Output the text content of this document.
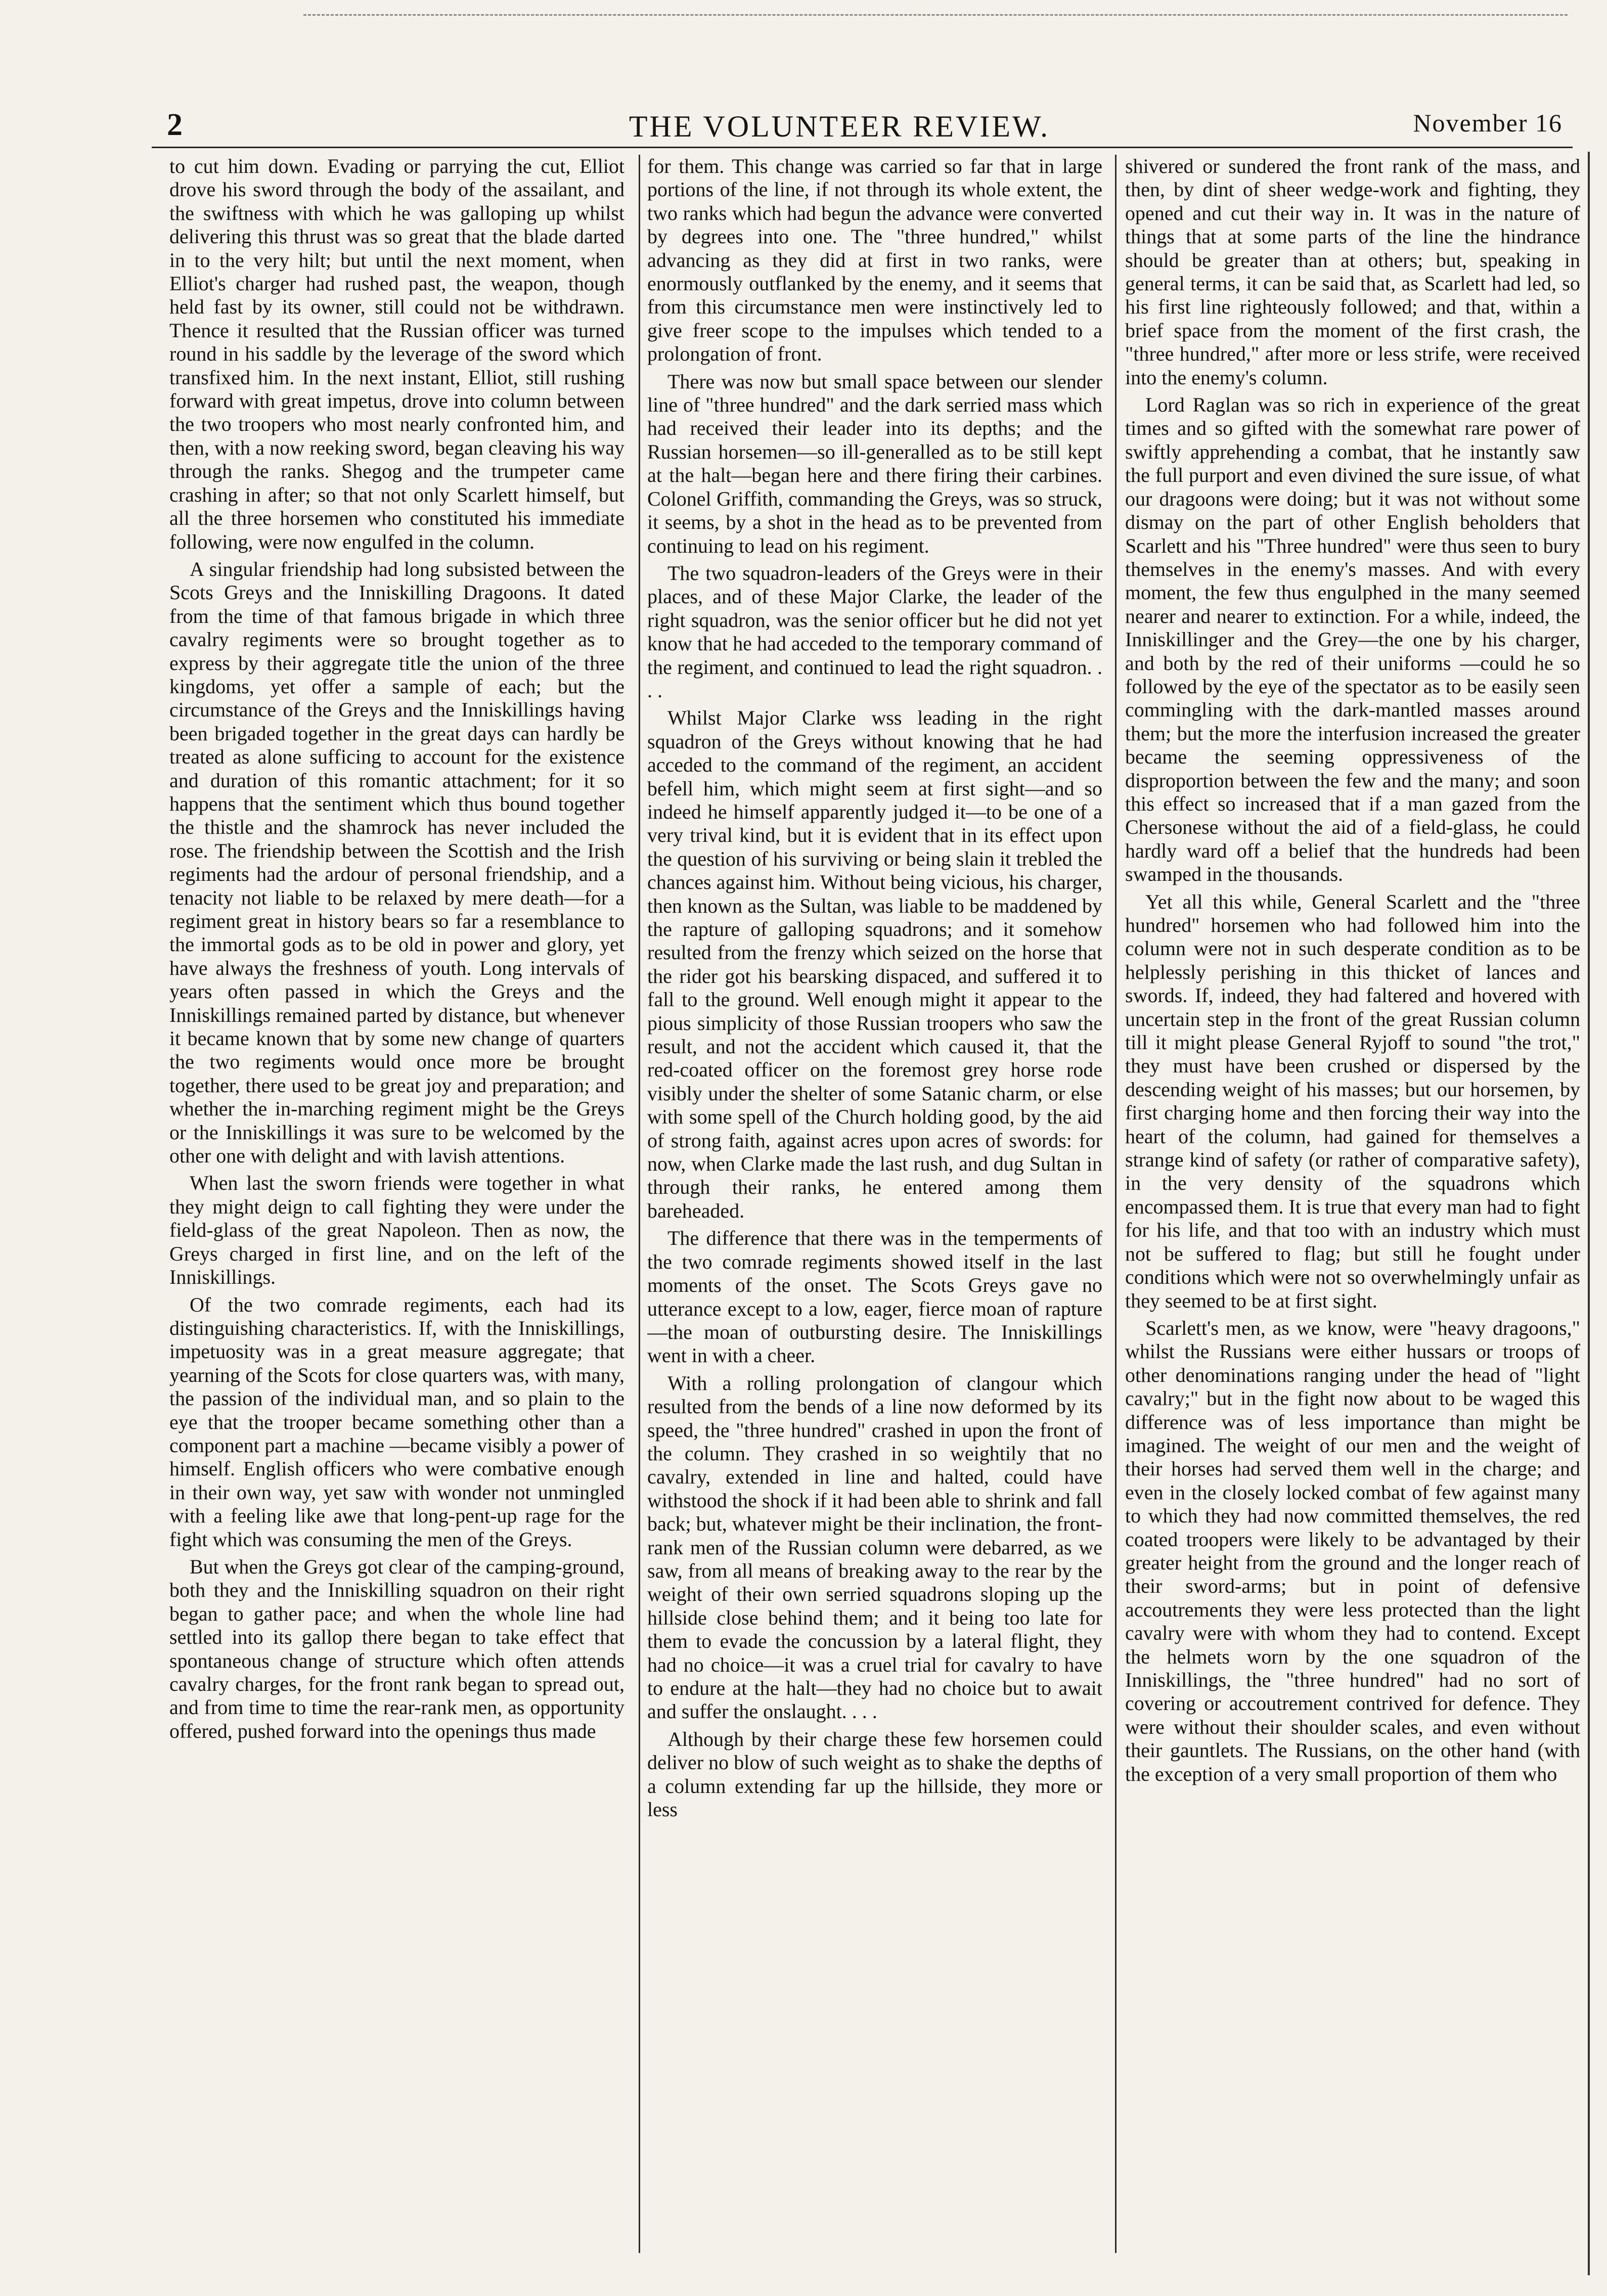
2	THE VOLUNTEER REVIEW.	November 16

to cut him down. Evading or parrying the cut, Elliot drove his sword through the body of the assailant, and the swiftness with which he was galloping up whilst delivering this thrust was so great that the blade darted in to the very hilt; but until the next moment, when Elliot's charger had rushed past, the weapon, though held fast by its owner, still could not be withdrawn. Thence it resulted that the Russian officer was turned round in his saddle by the leverage of the sword which transfixed him. In the next instant, Elliot, still rushing forward with great impetus, drove into column between the two troopers who most nearly confronted him, and then, with a now reeking sword, began cleaving his way through the ranks. Shegog and the trumpeter came crashing in after; so that not only Scarlett himself, but all the three horsemen who constituted his immediate following, were now engulfed in the column.

A singular friendship had long subsisted between the Scots Greys and the Inniskilling Dragoons. It dated from the time of that famous brigade in which three cavalry regiments were so brought together as to express by their aggregate title the union of the three kingdoms, yet offer a sample of each; but the circumstance of the Greys and the Inniskillings having been brigaded together in the great days can hardly be treated as alone sufficing to account for the existence and duration of this romantic attachment; for it so happens that the sentiment which thus bound together the thistle and the shamrock has never included the rose. The friendship between the Scottish and the Irish regiments had the ardour of personal friendship, and a tenacity not liable to be relaxed by mere death—for a regiment great in history bears so far a resemblance to the immortal gods as to be old in power and glory, yet have always the freshness of youth. Long intervals of years often passed in which the Greys and the Inniskillings remained parted by distance, but whenever it became known that by some new change of quarters the two regiments would once more be brought together, there used to be great joy and preparation; and whether the in-marching regiment might be the Greys or the Inniskillings it was sure to be welcomed by the other one with delight and with lavish attentions.

When last the sworn friends were together in what they might deign to call fighting they were under the field-glass of the great Napoleon. Then as now, the Greys charged in first line, and on the left of the Inniskillings.

Of the two comrade regiments, each had its distinguishing characteristics. If, with the Inniskillings, impetuosity was in a great measure aggregate; that yearning of the Scots for close quarters was, with many, the passion of the individual man, and so plain to the eye that the trooper became something other than a component part a machine —became visibly a power of himself. English officers who were combative enough in their own way, yet saw with wonder not unmingled with a feeling like awe that long-pent-up rage for the fight which was consuming the men of the Greys.

But when the Greys got clear of the camping-ground, both they and the Inniskilling squadron on their right began to gather pace; and when the whole line had settled into its gallop there began to take effect that spontaneous change of structure which often attends cavalry charges, for the front rank began to spread out, and from time to time the rear-rank men, as opportunity offered, pushed forward into the openings thus made

for them. This change was carried so far that in large portions of the line, if not through its whole extent, the two ranks which had begun the advance were converted by degrees into one. The "three hundred," whilst advancing as they did at first in two ranks, were enormously outflanked by the enemy, and it seems that from this circumstance men were instinctively led to give freer scope to the impulses which tended to a prolongation of front.

There was now but small space between our slender line of "three hundred" and the dark serried mass which had received their leader into its depths; and the Russian horsemen—so ill-generalled as to be still kept at the halt—began here and there firing their carbines. Colonel Griffith, commanding the Greys, was so struck, it seems, by a shot in the head as to be prevented from continuing to lead on his regiment.

The two squadron-leaders of the Greys were in their places, and of these Major Clarke, the leader of the right squadron, was the senior officer but he did not yet know that he had acceded to the temporary command of the regiment, and continued to lead the right squadron. . . .

Whilst Major Clarke wss leading in the right squadron of the Greys without knowing that he had acceded to the command of the regiment, an accident befell him, which might seem at first sight—and so indeed he himself apparently judged it—to be one of a very trival kind, but it is evident that in its effect upon the question of his surviving or being slain it trebled the chances against him. Without being vicious, his charger, then known as the Sultan, was liable to be maddened by the rapture of galloping squadrons; and it somehow resulted from the frenzy which seized on the horse that the rider got his bearsking dispaced, and suffered it to fall to the ground. Well enough might it appear to the pious simplicity of those Russian troopers who saw the result, and not the accident which caused it, that the red-coated officer on the foremost grey horse rode visibly under the shelter of some Satanic charm, or else with some spell of the Church holding good, by the aid of strong faith, against acres upon acres of swords: for now, when Clarke made the last rush, and dug Sultan in through their ranks, he entered among them bareheaded.

The difference that there was in the temperments of the two comrade regiments showed itself in the last moments of the onset. The Scots Greys gave no utterance except to a low, eager, fierce moan of rapture —the moan of outbursting desire. The Inniskillings went in with a cheer.

With a rolling prolongation of clangour which resulted from the bends of a line now deformed by its speed, the "three hundred" crashed in upon the front of the column. They crashed in so weightily that no cavalry, extended in line and halted, could have withstood the shock if it had been able to shrink and fall back; but, whatever might be their inclination, the front-rank men of the Russian column were debarred, as we saw, from all means of breaking away to the rear by the weight of their own serried squadrons sloping up the hillside close behind them; and it being too late for them to evade the concussion by a lateral flight, they had no choice—it was a cruel trial for cavalry to have to endure at the halt—they had no choice but to await and suffer the onslaught. . . .

Although by their charge these few horsemen could deliver no blow of such weight as to shake the depths of a column extending far up the hillside, they more or less

shivered or sundered the front rank of the mass, and then, by dint of sheer wedge-work and fighting, they opened and cut their way in. It was in the nature of things that at some parts of the line the hindrance should be greater than at others; but, speaking in general terms, it can be said that, as Scarlett had led, so his first line righteously followed; and that, within a brief space from the moment of the first crash, the "three hundred," after more or less strife, were received into the enemy's column.

Lord Raglan was so rich in experience of the great times and so gifted with the somewhat rare power of swiftly apprehending a combat, that he instantly saw the full purport and even divined the sure issue, of what our dragoons were doing; but it was not without some dismay on the part of other English beholders that Scarlett and his "Three hundred" were thus seen to bury themselves in the enemy's masses. And with every moment, the few thus engulphed in the many seemed nearer and nearer to extinction. For a while, indeed, the Inniskillinger and the Grey—the one by his charger, and both by the red of their uniforms —could he so followed by the eye of the spectator as to be easily seen commingling with the dark-mantled masses around them; but the more the interfusion increased the greater became the seeming oppressiveness of the disproportion between the few and the many; and soon this effect so increased that if a man gazed from the Chersonese without the aid of a field-glass, he could hardly ward off a belief that the hundreds had been swamped in the thousands.

Yet all this while, General Scarlett and the "three hundred" horsemen who had followed him into the column were not in such desperate condition as to be helplessly perishing in this thicket of lances and swords. If, indeed, they had faltered and hovered with uncertain step in the front of the great Russian column till it might please General Ryjoff to sound "the trot," they must have been crushed or dispersed by the descending weight of his masses; but our horsemen, by first charging home and then forcing their way into the heart of the column, had gained for themselves a strange kind of safety (or rather of comparative safety), in the very density of the squadrons which encompassed them. It is true that every man had to fight for his life, and that too with an industry which must not be suffered to flag; but still he fought under conditions which were not so overwhelmingly unfair as they seemed to be at first sight.

Scarlett's men, as we know, were "heavy dragoons," whilst the Russians were either hussars or troops of other denominations ranging under the head of "light cavalry;" but in the fight now about to be waged this difference was of less importance than might be imagined. The weight of our men and the weight of their horses had served them well in the charge; and even in the closely locked combat of few against many to which they had now committed themselves, the red coated troopers were likely to be advantaged by their greater height from the ground and the longer reach of their sword-arms; but in point of defensive accoutrements they were less protected than the light cavalry were with whom they had to contend. Except the helmets worn by the one squadron of the Inniskillings, the "three hundred" had no sort of covering or accoutrement contrived for defence. They were without their shoulder scales, and even without their gauntlets. The Russians, on the other hand (with the exception of a very small proportion of them who
